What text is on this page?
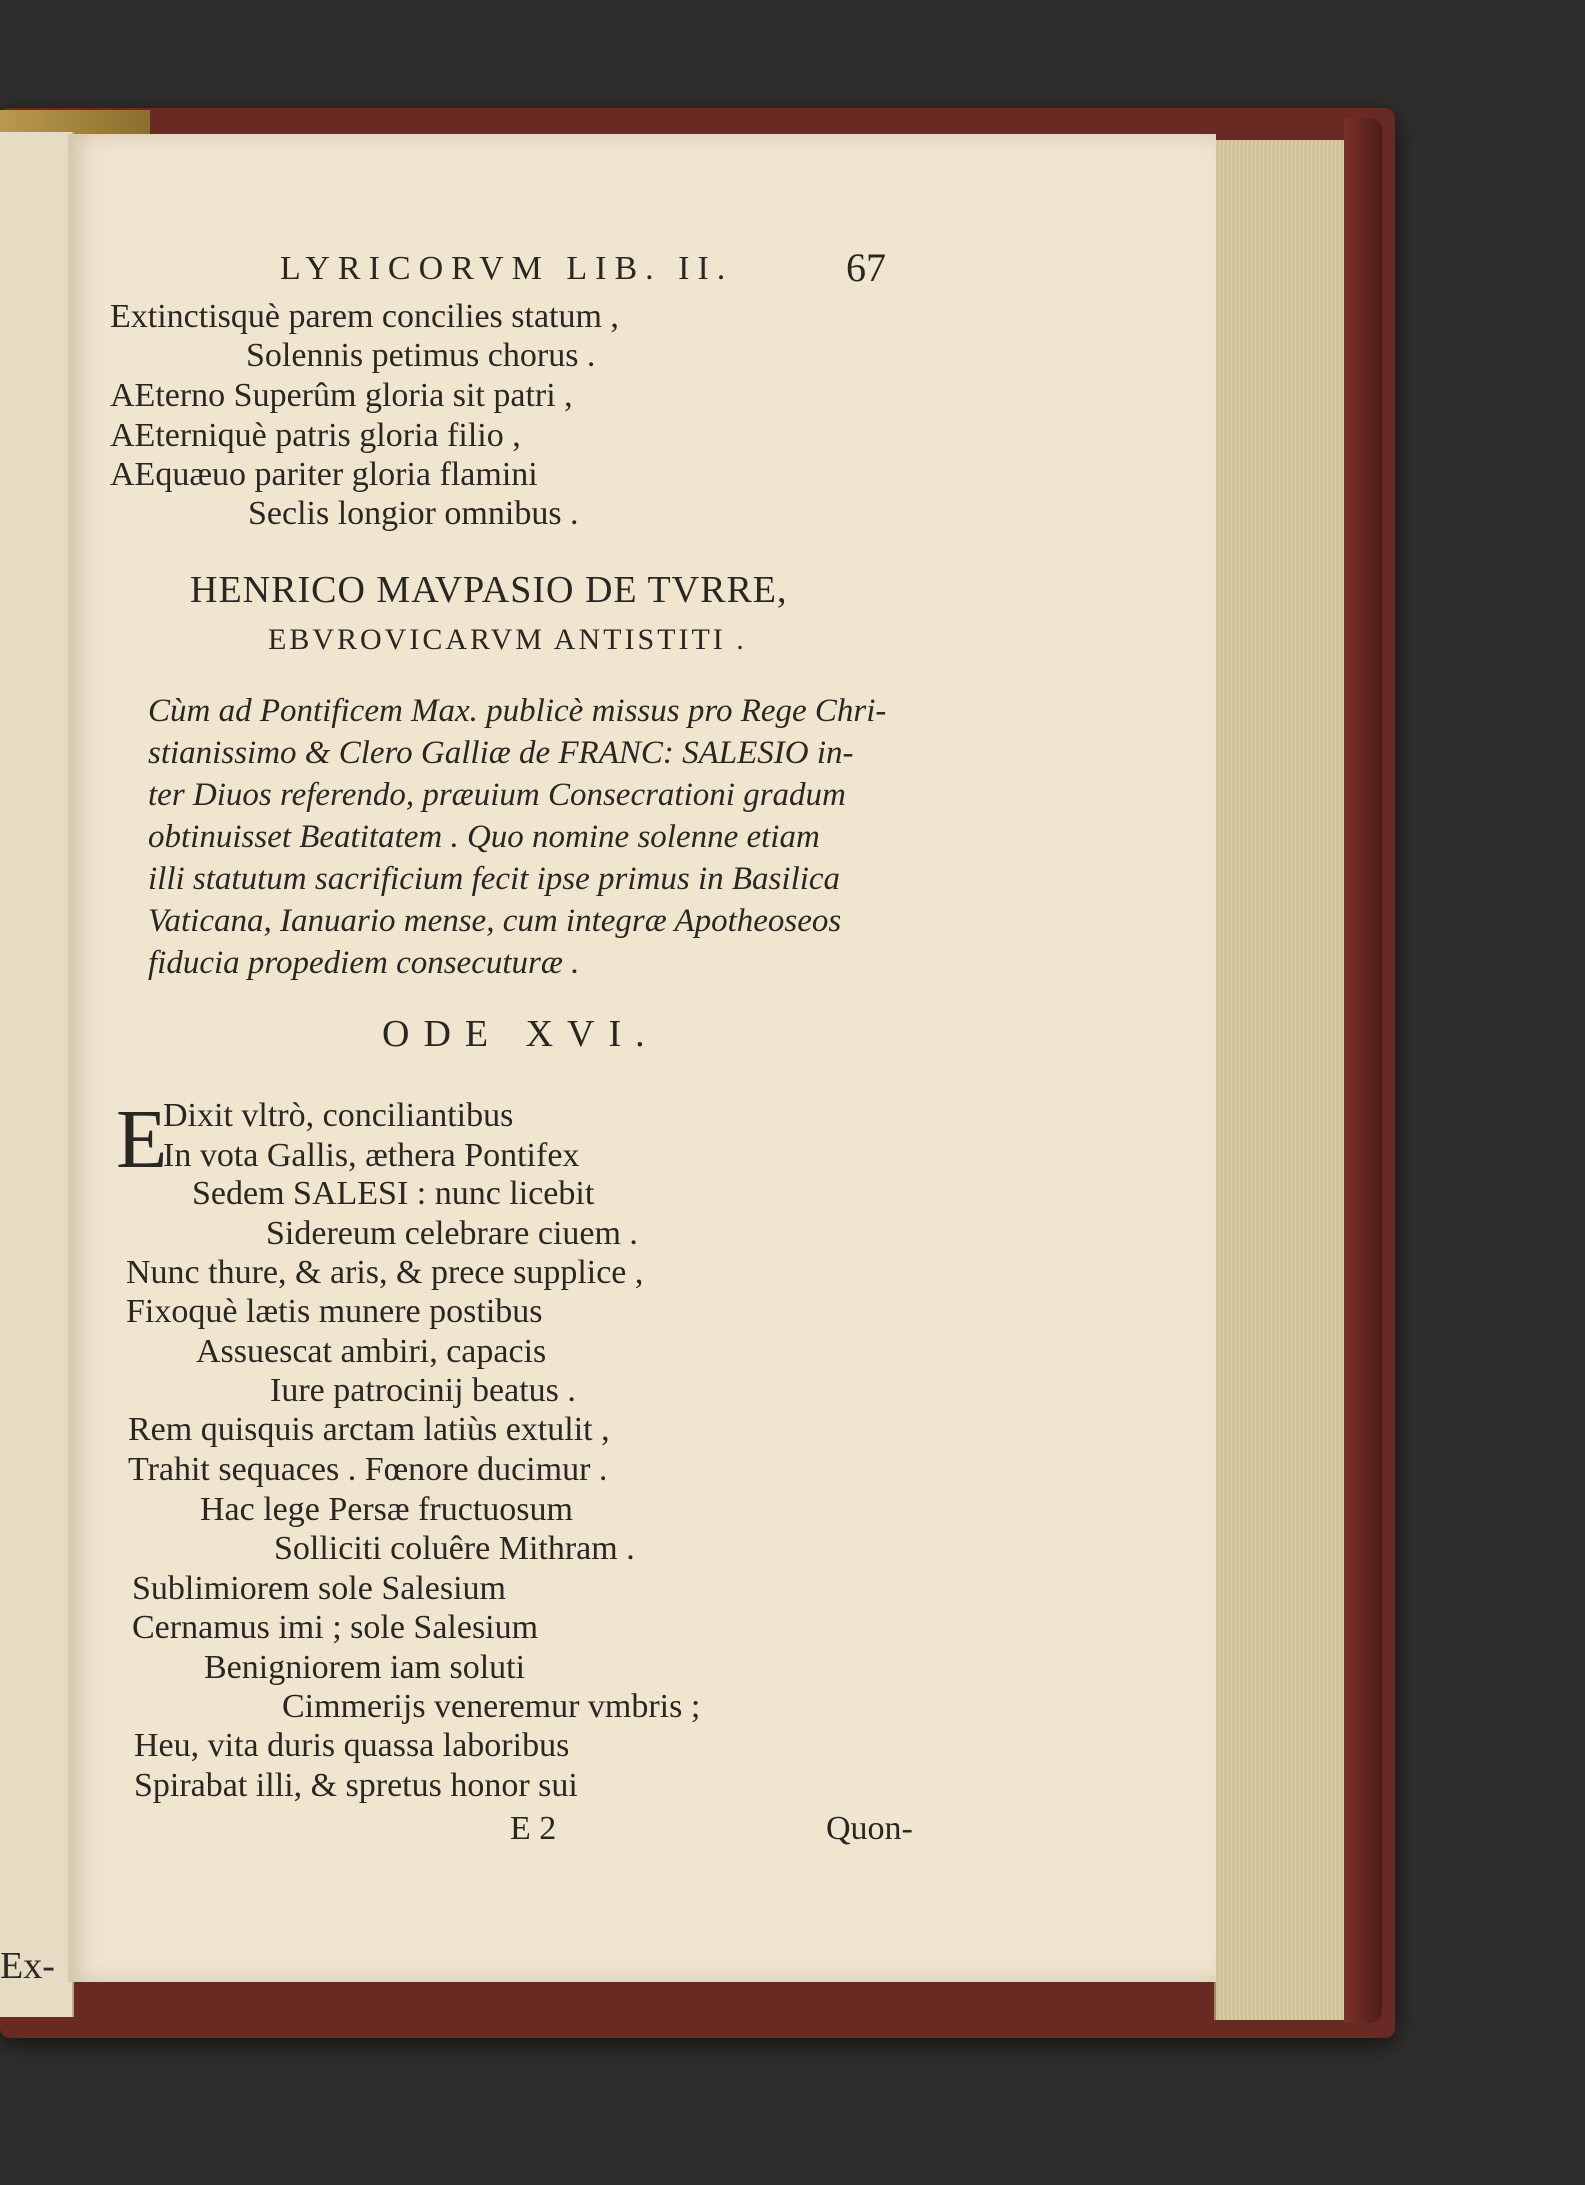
Ex-
LYRICORVM LIB. II.	67
Extinctisquè parem concilies statum ,
Solennis petimus chorus .
AEterno Superûm gloria sit patri ,
AEterniquè patris gloria filio ,
AEquæuo pariter gloria flamini
Seclis longior omnibus .
HENRICO MAVPASIO DE TVRRE,
EBVROVICARVM ANTISTITI .
Cùm ad Pontificem Max. publicè missus pro Rege Chri-
stianissimo & Clero Galliæ de FRANC: SALESIO in-
ter Diuos referendo, præuium Consecrationi gradum
obtinuisset Beatitatem . Quo nomine solenne etiam
illi statutum sacrificium fecit ipse primus in Basilica
Vaticana, Ianuario mense, cum integræ Apotheoseos
fiducia propediem consecuturæ .
ODE XVI.
E
Dixit vltrò, conciliantibus
In vota Gallis, æthera Pontifex
Sedem SALESI : nunc licebit
Sidereum celebrare ciuem .
Nunc thure, & aris, & prece supplice ,
Fixoquè lætis munere postibus
Assuescat ambiri, capacis
Iure patrocinij beatus .
Rem quisquis arctam latiùs extulit ,
Trahit sequaces . Fœnore ducimur .
Hac lege Persæ fructuosum
Solliciti coluêre Mithram .
Sublimiorem sole Salesium
Cernamus imi ; sole Salesium
Benigniorem iam soluti
Cimmerijs veneremur vmbris ;
Heu, vita duris quassa laboribus
Spirabat illi, & spretus honor sui
E 2	Quon-
